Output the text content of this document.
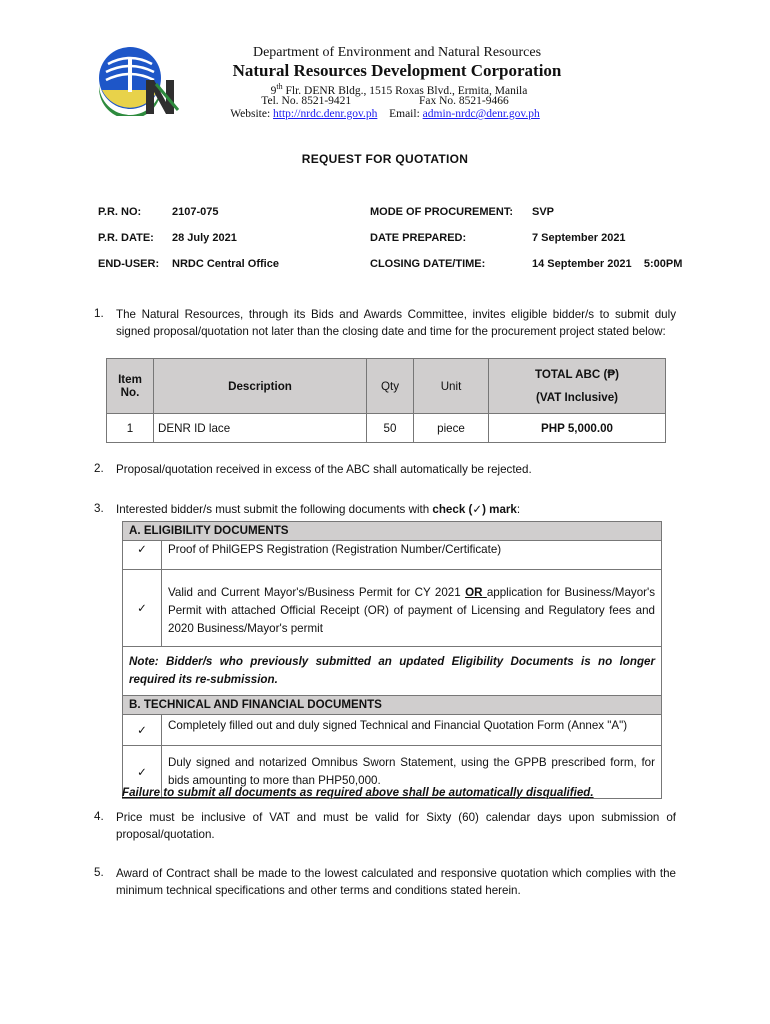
Department of Environment and Natural Resources
Natural Resources Development Corporation
9th Flr. DENR Bldg., 1515 Roxas Blvd., Ermita, Manila
Tel. No. 8521-9421	Fax No. 8521-9466
Website: http://nrdc.denr.gov.ph Email: admin-nrdc@denr.gov.ph
REQUEST FOR QUOTATION
P.R. NO:	2107-075	MODE OF PROCUREMENT: SVP
P.R. DATE: 28 July 2021	DATE PREPARED:	7 September 2021
END-USER: NRDC Central Office	CLOSING DATE/TIME:	14 September 2021    5:00PM
1. The Natural Resources, through its Bids and Awards Committee, invites eligible bidder/s to submit duly signed proposal/quotation not later than the closing date and time for the procurement project stated below:
Item No.	Description	Qty	Unit	TOTAL ABC (₱)
(VAT Inclusive)

1	DENR ID lace	50	piece	PHP 5,000.00
2. Proposal/quotation received in excess of the ABC shall automatically be rejected.
3. Interested bidder/s must submit the following documents with check (✓) mark:
A. ELIGIBILITY DOCUMENTS	
✓	Proof of PhilGEPS Registration (Registration Number/Certificate)
✓	Valid and Current Mayor's/Business Permit for CY 2021 OR application for Business/Mayor's Permit with attached Official Receipt (OR) of payment of Licensing and Regulatory fees and 2020 Business/Mayor's permit
Note: Bidder/s who previously submitted an updated Eligibility Documents is no longer required its re-submission.	
B. TECHNICAL AND FINANCIAL DOCUMENTS	
✓	Completely filled out and duly signed Technical and Financial Quotation Form (Annex "A")
✓	Duly signed and notarized Omnibus Sworn Statement, using the GPPB prescribed form, for bids amounting to more than PHP50,000.
Failure to submit all documents as required above shall be automatically disqualified.
4. Price must be inclusive of VAT and must be valid for Sixty (60) calendar days upon submission of proposal/quotation.
5. Award of Contract shall be made to the lowest calculated and responsive quotation which complies with the minimum technical specifications and other terms and conditions stated herein.
